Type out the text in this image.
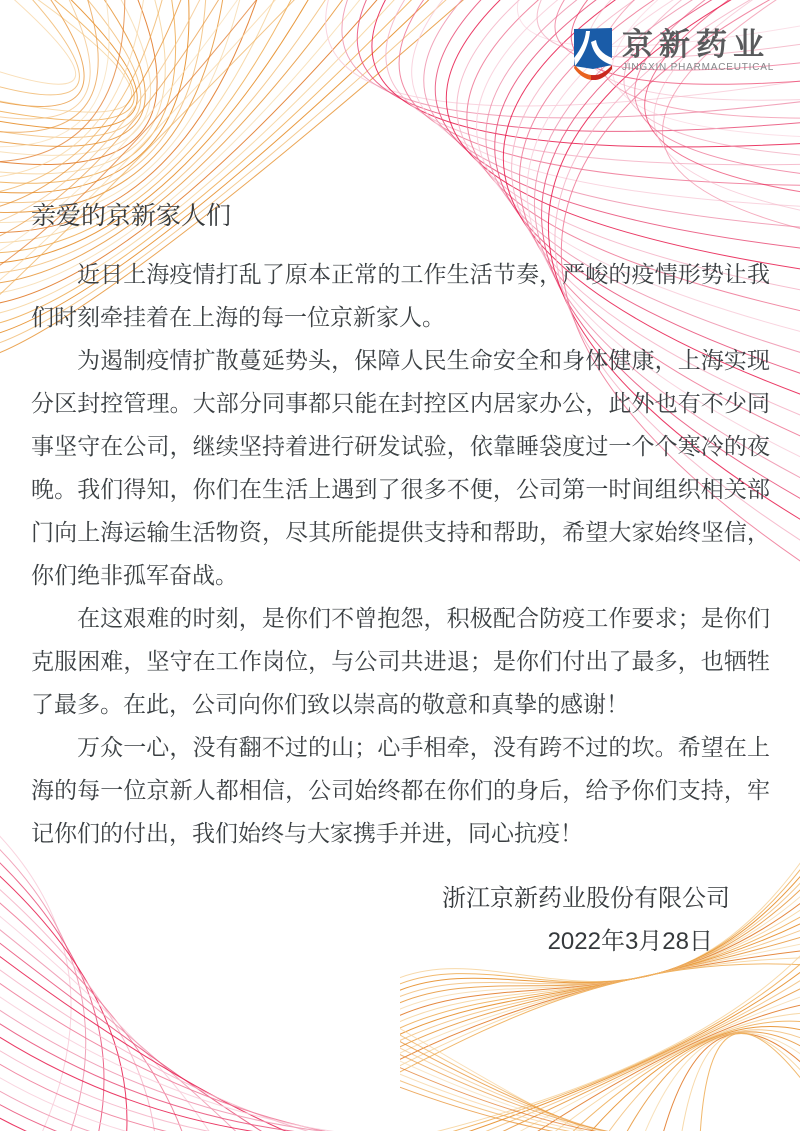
京新药业
JINGXIN PHARMACEUTICAL
亲爱的京新家人们

近日上海疫情打乱了原本正常的工作生活节奏，严峻的疫情形势让我们时刻牵挂着在上海的每一位京新家人。

为遏制疫情扩散蔓延势头，保障人民生命安全和身体健康，上海实现分区封控管理。大部分同事都只能在封控区内居家办公，此外也有不少同事坚守在公司，继续坚持着进行研发试验，依靠睡袋度过一个个寒冷的夜晚。我们得知，你们在生活上遇到了很多不便，公司第一时间组织相关部门向上海运输生活物资，尽其所能提供支持和帮助，希望大家始终坚信，你们绝非孤军奋战。

在这艰难的时刻，是你们不曾抱怨，积极配合防疫工作要求；是你们克服困难，坚守在工作岗位，与公司共进退；是你们付出了最多，也牺牲了最多。在此，公司向你们致以崇高的敬意和真挚的感谢！

万众一心，没有翻不过的山；心手相牵，没有跨不过的坎。希望在上海的每一位京新人都相信，公司始终都在你们的身后，给予你们支持，牢记你们的付出，我们始终与大家携手并进，同心抗疫！

浙江京新药业股份有限公司
2022年3月28日
